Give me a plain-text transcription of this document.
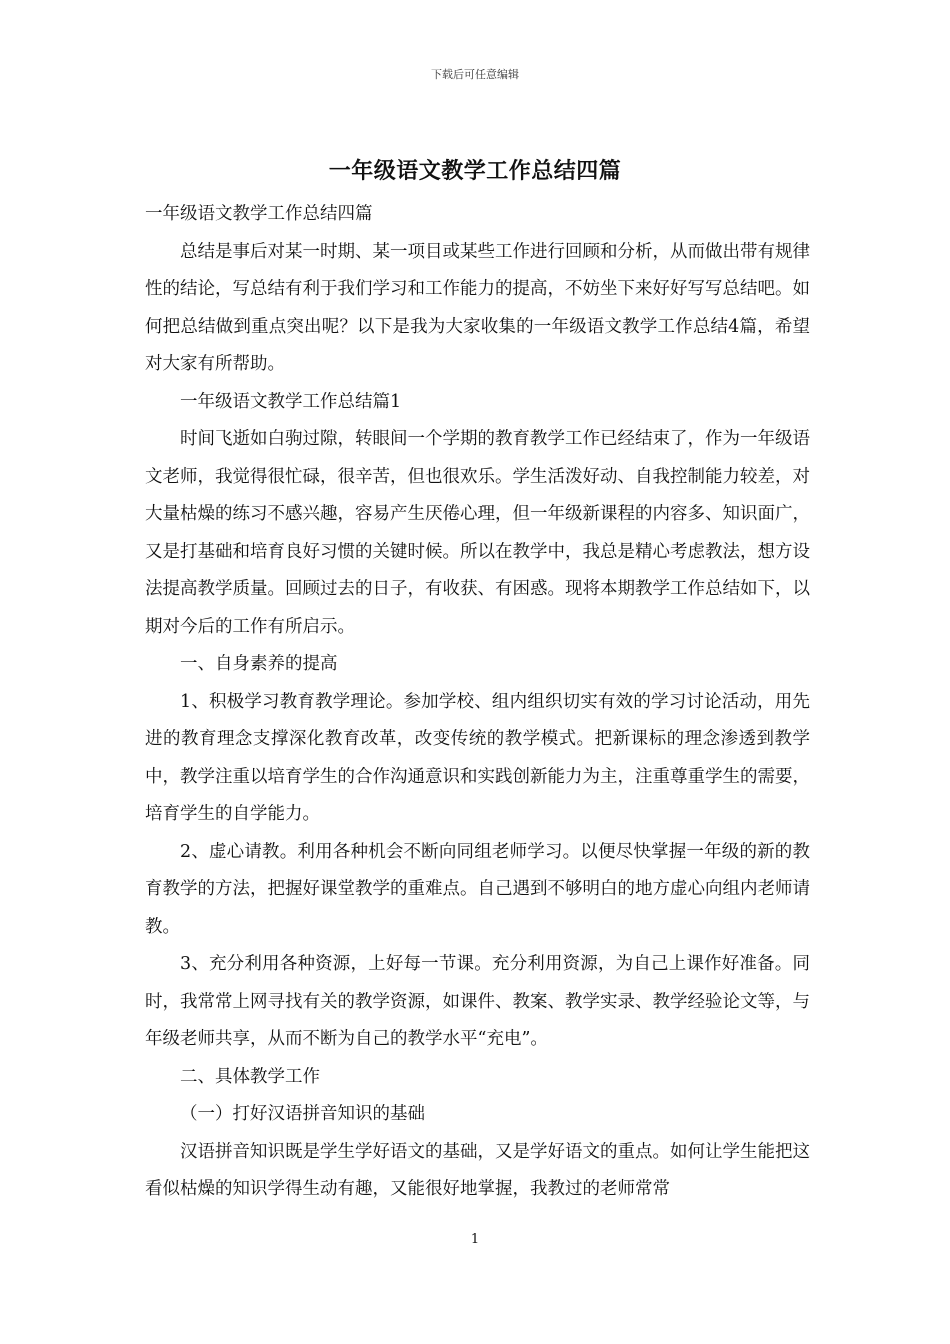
下载后可任意编辑
一年级语文教学工作总结四篇

一年级语文教学工作总结四篇

总结是事后对某一时期、某一项目或某些工作进行回顾和分析，从而做出带有规律性的结论，写总结有利于我们学习和工作能力的提高，不妨坐下来好好写写总结吧。如何把总结做到重点突出呢？以下是我为大家收集的一年级语文教学工作总结4篇，希望对大家有所帮助。

一年级语文教学工作总结篇1

时间飞逝如白驹过隙，转眼间一个学期的教育教学工作已经结束了，作为一年级语文老师，我觉得很忙碌，很辛苦，但也很欢乐。学生活泼好动、自我控制能力较差，对大量枯燥的练习不感兴趣，容易产生厌倦心理，但一年级新课程的内容多、知识面广，又是打基础和培育良好习惯的关键时候。所以在教学中，我总是精心考虑教法，想方设法提高教学质量。回顾过去的日子，有收获、有困惑。现将本期教学工作总结如下，以期对今后的工作有所启示。

一、自身素养的提高

1、积极学习教育教学理论。参加学校、组内组织切实有效的学习讨论活动，用先进的教育理念支撑深化教育改革，改变传统的教学模式。把新课标的理念渗透到教学中，教学注重以培育学生的合作沟通意识和实践创新能力为主，注重尊重学生的需要，培育学生的自学能力。

2、虚心请教。利用各种机会不断向同组老师学习。以便尽快掌握一年级的新的教育教学的方法，把握好课堂教学的重难点。自己遇到不够明白的地方虚心向组内老师请教。

3、充分利用各种资源，上好每一节课。充分利用资源，为自己上课作好准备。同时，我常常上网寻找有关的教学资源，如课件、教案、教学实录、教学经验论文等，与年级老师共享，从而不断为自己的教学水平“充电”。

二、具体教学工作

（一）打好汉语拼音知识的基础

汉语拼音知识既是学生学好语文的基础，又是学好语文的重点。如何让学生能把这看似枯燥的知识学得生动有趣，又能很好地掌握，我教过的老师常常

1
